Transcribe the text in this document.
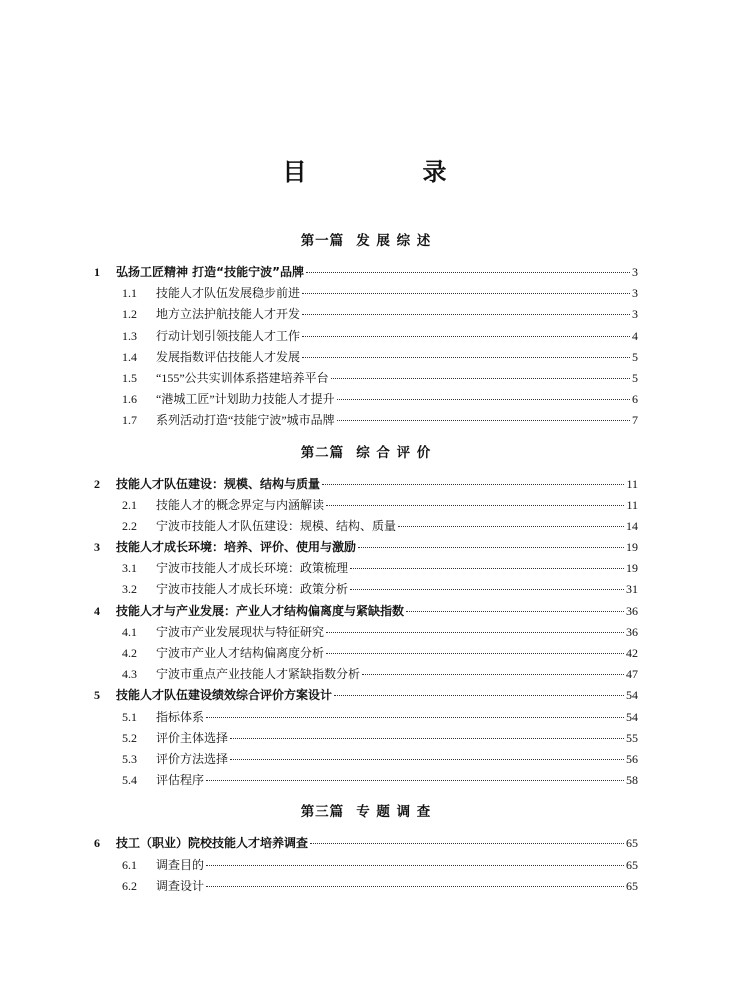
目　录
第一篇 发 展 综 述
1	弘扬工匠精神 打造“技能宁波”品牌	3
1.1	技能人才队伍发展稳步前进	3
1.2	地方立法护航技能人才开发	3
1.3	行动计划引领技能人才工作	4
1.4	发展指数评估技能人才发展	5
1.5	“155”公共实训体系搭建培养平台	5
1.6	“港城工匠”计划助力技能人才提升	6
1.7	系列活动打造“技能宁波”城市品牌	7
第二篇 综 合 评 价
2	技能人才队伍建设：规模、结构与质量	11
2.1	技能人才的概念界定与内涵解读	11
2.2	宁波市技能人才队伍建设：规模、结构、质量	14
3	技能人才成长环境：培养、评价、使用与激励	19
3.1	宁波市技能人才成长环境：政策梳理	19
3.2	宁波市技能人才成长环境：政策分析	31
4	技能人才与产业发展：产业人才结构偏离度与紧缺指数	36
4.1	宁波市产业发展现状与特征研究	36
4.2	宁波市产业人才结构偏离度分析	42
4.3	宁波市重点产业技能人才紧缺指数分析	47
5	技能人才队伍建设绩效综合评价方案设计	54
5.1	指标体系	54
5.2	评价主体选择	55
5.3	评价方法选择	56
5.4	评估程序	58
第三篇 专 题 调 查
6	技工（职业）院校技能人才培养调查	65
6.1	调查目的	65
6.2	调查设计	65
